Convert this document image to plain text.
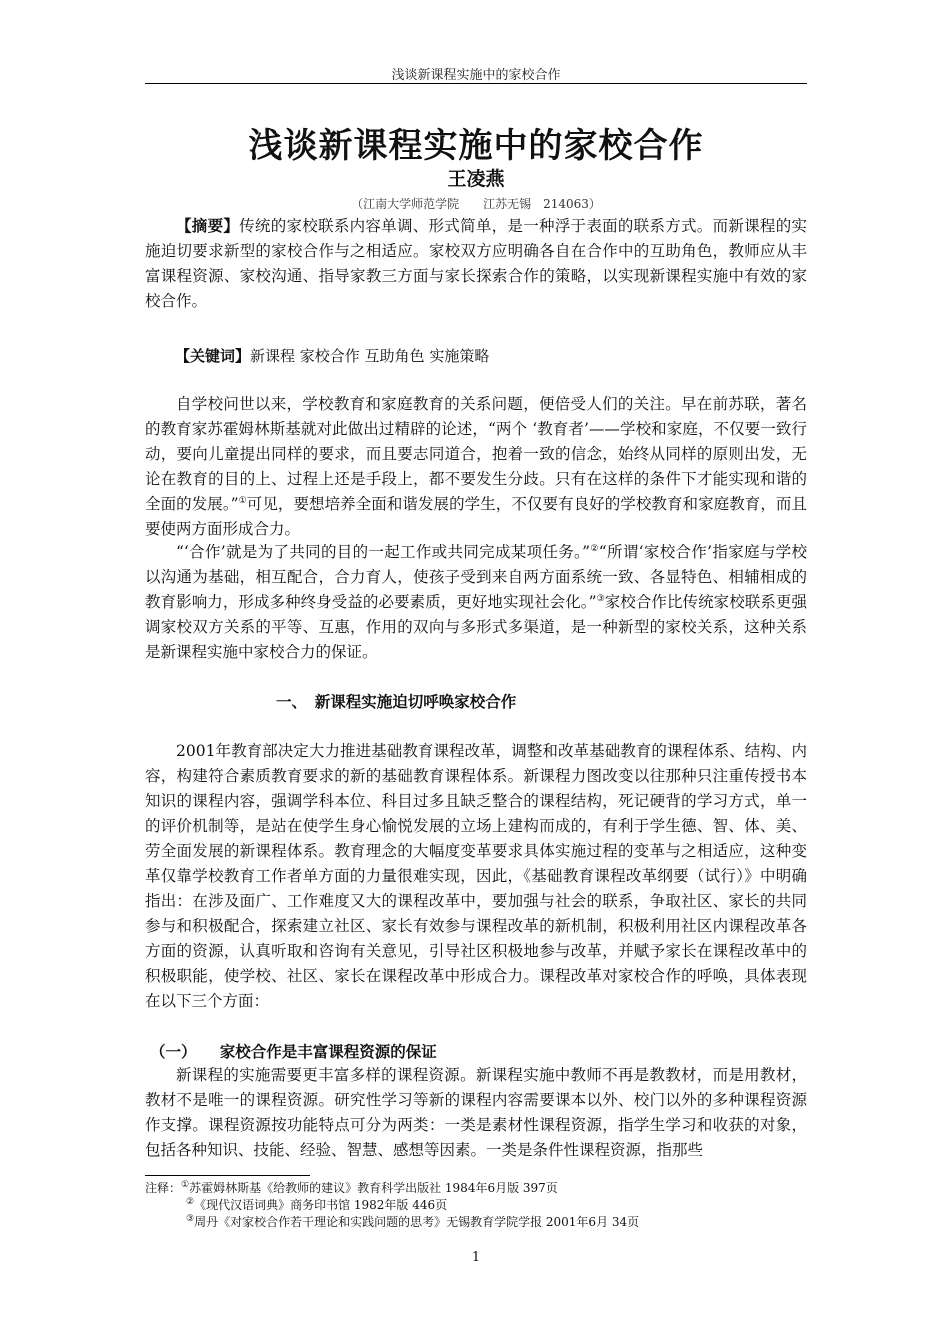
浅谈新课程实施中的家校合作
浅谈新课程实施中的家校合作
王凌燕
（江南大学师范学院　　江苏无锡　214063）
【摘要】传统的家校联系内容单调、形式简单，是一种浮于表面的联系方式。而新课程的实施迫切要求新型的家校合作与之相适应。家校双方应明确各自在合作中的互助角色，教师应从丰富课程资源、家校沟通、指导家教三方面与家长探索合作的策略，以实现新课程实施中有效的家校合作。
【关键词】新课程 家校合作 互助角色 实施策略
自学校问世以来，学校教育和家庭教育的关系问题，便倍受人们的关注。早在前苏联，著名的教育家苏霍姆林斯基就对此做出过精辟的论述，“两个 ‘教育者’——学校和家庭，不仅要一致行动，要向儿童提出同样的要求，而且要志同道合，抱着一致的信念，始终从同样的原则出发，无论在教育的目的上、过程上还是手段上，都不要发生分歧。只有在这样的条件下才能实现和谐的全面的发展。”①可见，要想培养全面和谐发展的学生，不仅要有良好的学校教育和家庭教育，而且要使两方面形成合力。
“‘合作’就是为了共同的目的一起工作或共同完成某项任务。”②“所谓‘家校合作’指家庭与学校以沟通为基础，相互配合，合力育人，使孩子受到来自两方面系统一致、各显特色、相辅相成的教育影响力，形成多种终身受益的必要素质，更好地实现社会化。”③家校合作比传统家校联系更强调家校双方关系的平等、互惠，作用的双向与多形式多渠道，是一种新型的家校关系，这种关系是新课程实施中家校合力的保证。
一、　新课程实施迫切呼唤家校合作
2001年教育部决定大力推进基础教育课程改革，调整和改革基础教育的课程体系、结构、内容，构建符合素质教育要求的新的基础教育课程体系。新课程力图改变以往那种只注重传授书本知识的课程内容，强调学科本位、科目过多且缺乏整合的课程结构，死记硬背的学习方式，单一的评价机制等，是站在使学生身心愉悦发展的立场上建构而成的，有利于学生德、智、体、美、劳全面发展的新课程体系。教育理念的大幅度变革要求具体实施过程的变革与之相适应，这种变革仅靠学校教育工作者单方面的力量很难实现，因此，《基础教育课程改革纲要（试行）》中明确指出：在涉及面广、工作难度又大的课程改革中，要加强与社会的联系，争取社区、家长的共同参与和积极配合，探索建立社区、家长有效参与课程改革的新机制，积极利用社区内课程改革各方面的资源，认真听取和咨询有关意见，引导社区积极地参与改革，并赋予家长在课程改革中的积极职能，使学校、社区、家长在课程改革中形成合力。课程改革对家校合作的呼唤，具体表现在以下三个方面：
（一）　　家校合作是丰富课程资源的保证
新课程的实施需要更丰富多样的课程资源。新课程实施中教师不再是教教材，而是用教材，教材不是唯一的课程资源。研究性学习等新的课程内容需要课本以外、校门以外的多种课程资源作支撑。课程资源按功能特点可分为两类：一类是素材性课程资源，指学生学习和收获的对象，包括各种知识、技能、经验、智慧、感想等因素。一类是条件性课程资源，指那些
注释：①苏霍姆林斯基《给教师的建议》教育科学出版社 1984年6月版 397页
②《现代汉语词典》商务印书馆 1982年版 446页
③周丹《对家校合作若干理论和实践问题的思考》无锡教育学院学报 2001年6月 34页
1
